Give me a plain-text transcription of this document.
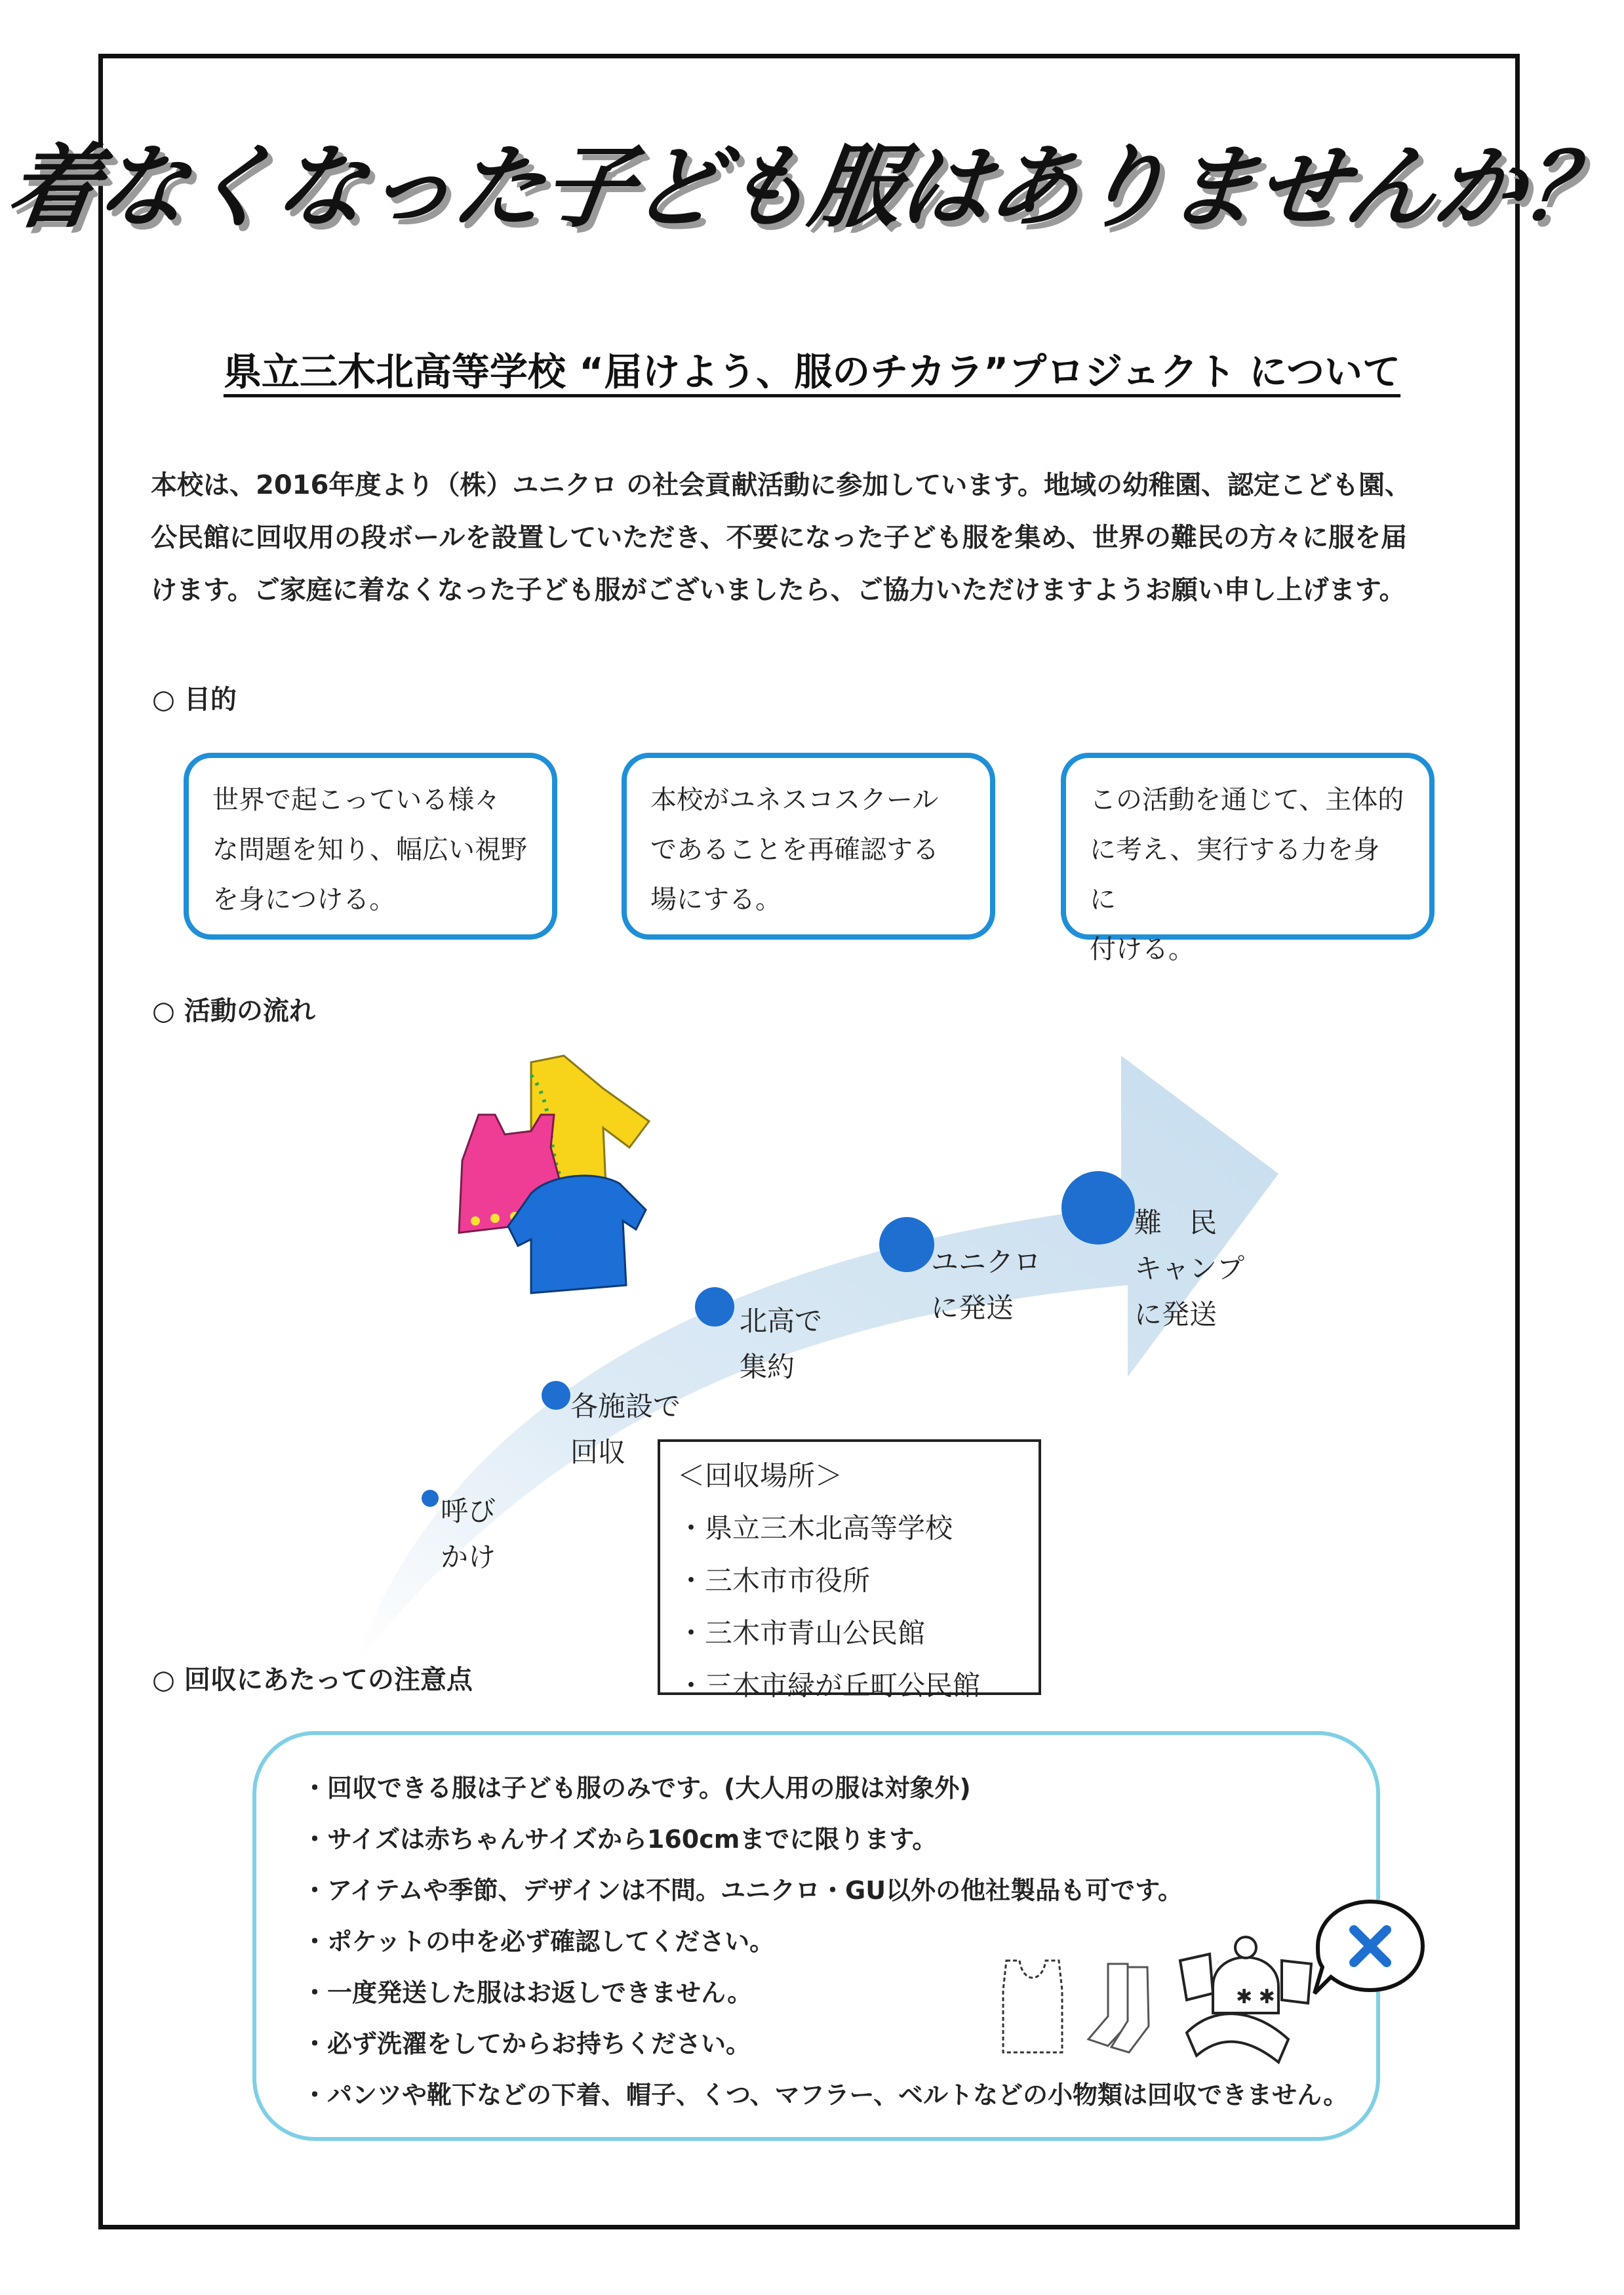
着なくなった子ども服はありませんか？
県立三木北高等学校 “届けよう、服のチカラ”プロジェクト について
本校は、2016年度より（株）ユニクロ の社会貢献活動に参加しています。地域の幼稚園、認定こども園、
公民館に回収用の段ボールを設置していただき、不要になった子ども服を集め、世界の難民の方々に服を届
けます。ご家庭に着なくなった子ども服がございましたら、ご協力いただけますようお願い申し上げます。
○ 目的
世界で起こっている様々
な問題を知り、幅広い視野
を身につける。
本校がユネスコスクール
であることを再確認する
場にする。
この活動を通じて、主体的
に考え、実行する力を身に
付ける。
○ 活動の流れ
呼び
かけ
各施設で
回収
北高で
集約
ユニクロ
に発送
難　民
キャンプ
に発送
＜回収場所＞
・県立三木北高等学校
・三木市市役所
・三木市青山公民館
・三木市緑が丘町公民館
○ 回収にあたっての注意点
・回収できる服は子ども服のみです。(大人用の服は対象外)
・サイズは赤ちゃんサイズから160cmまでに限ります。
・アイテムや季節、デザインは不問。ユニクロ・GU以外の他社製品も可です。
・ポケットの中を必ず確認してください。
・一度発送した服はお返しできません。
・必ず洗濯をしてからお持ちください。
・パンツや靴下などの下着、帽子、くつ、マフラー、ベルトなどの小物類は回収できません。
✱ ✱
